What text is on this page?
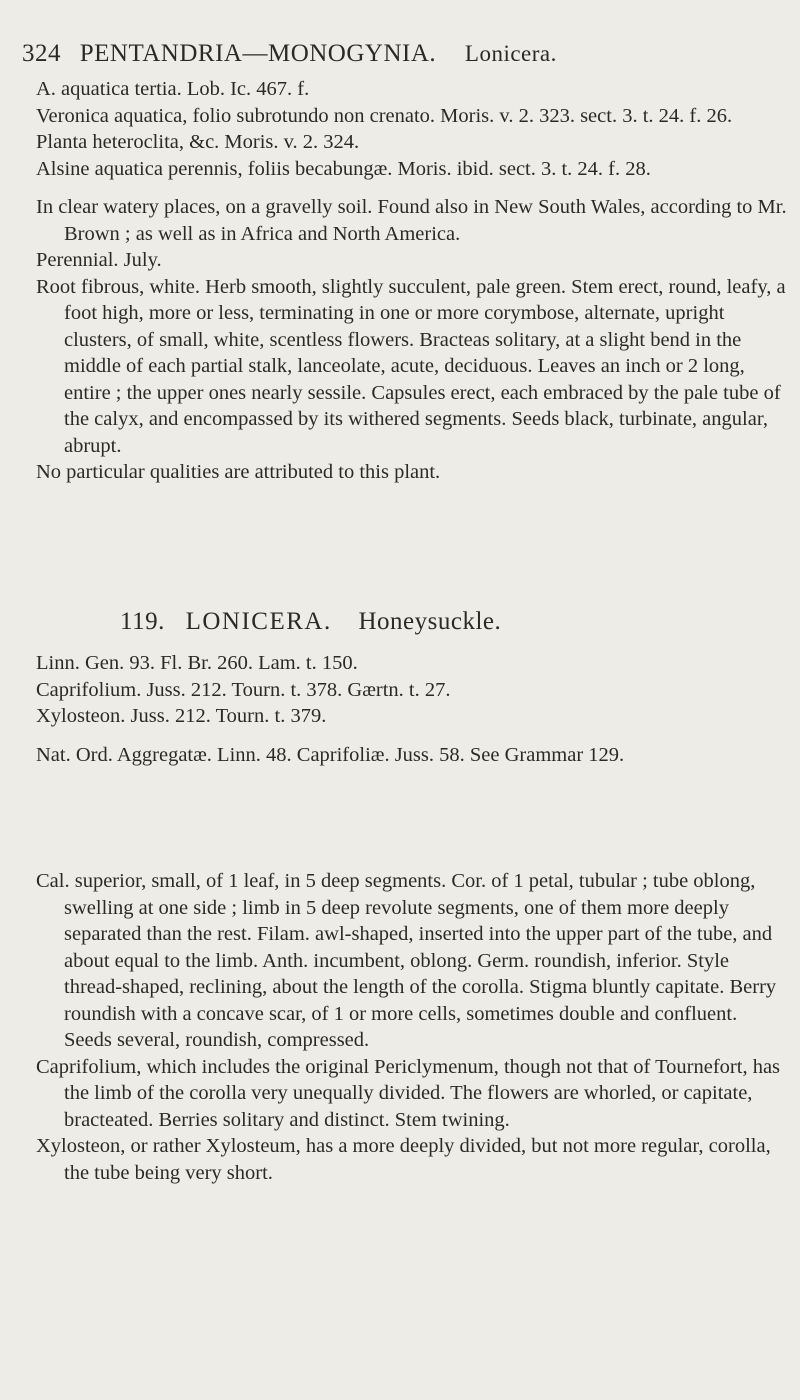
324 PENTANDRIA—MONOGYNIA. Lonicera.

A. aquatica tertia. Lob. Ic. 467. f.

Veronica aquatica, folio subrotundo non crenato. Moris. v. 2. 323. sect. 3. t. 24. f. 26.

Planta heteroclita, &c. Moris. v. 2. 324.

Alsine aquatica perennis, foliis becabungæ. Moris. ibid. sect. 3. t. 24. f. 28.

In clear watery places, on a gravelly soil. Found also in New South Wales, according to Mr. Brown ; as well as in Africa and North America.

Perennial. July.

Root fibrous, white. Herb smooth, slightly succulent, pale green. Stem erect, round, leafy, a foot high, more or less, terminating in one or more corymbose, alternate, upright clusters, of small, white, scentless flowers. Bracteas solitary, at a slight bend in the middle of each partial stalk, lanceolate, acute, deciduous. Leaves an inch or 2 long, entire ; the upper ones nearly sessile. Capsules erect, each embraced by the pale tube of the calyx, and encompassed by its withered segments. Seeds black, turbinate, angular, abrupt.

No particular qualities are attributed to this plant.

119. LONICERA. Honeysuckle.

Linn. Gen. 93. Fl. Br. 260. Lam. t. 150.

Caprifolium. Juss. 212. Tourn. t. 378. Gærtn. t. 27.

Xylosteon. Juss. 212. Tourn. t. 379.

Nat. Ord. Aggregatæ. Linn. 48. Caprifoliæ. Juss. 58. See Grammar 129.

Cal. superior, small, of 1 leaf, in 5 deep segments. Cor. of 1 petal, tubular ; tube oblong, swelling at one side ; limb in 5 deep revolute segments, one of them more deeply separated than the rest. Filam. awl-shaped, inserted into the upper part of the tube, and about equal to the limb. Anth. incumbent, oblong. Germ. roundish, inferior. Style thread-shaped, reclining, about the length of the corolla. Stigma bluntly capitate. Berry roundish with a concave scar, of 1 or more cells, sometimes double and confluent. Seeds several, roundish, compressed.

Caprifolium, which includes the original Periclymenum, though not that of Tournefort, has the limb of the corolla very unequally divided. The flowers are whorled, or capitate, bracteated. Berries solitary and distinct. Stem twining.

Xylosteon, or rather Xylosteum, has a more deeply divided, but not more regular, corolla, the tube being very short.
